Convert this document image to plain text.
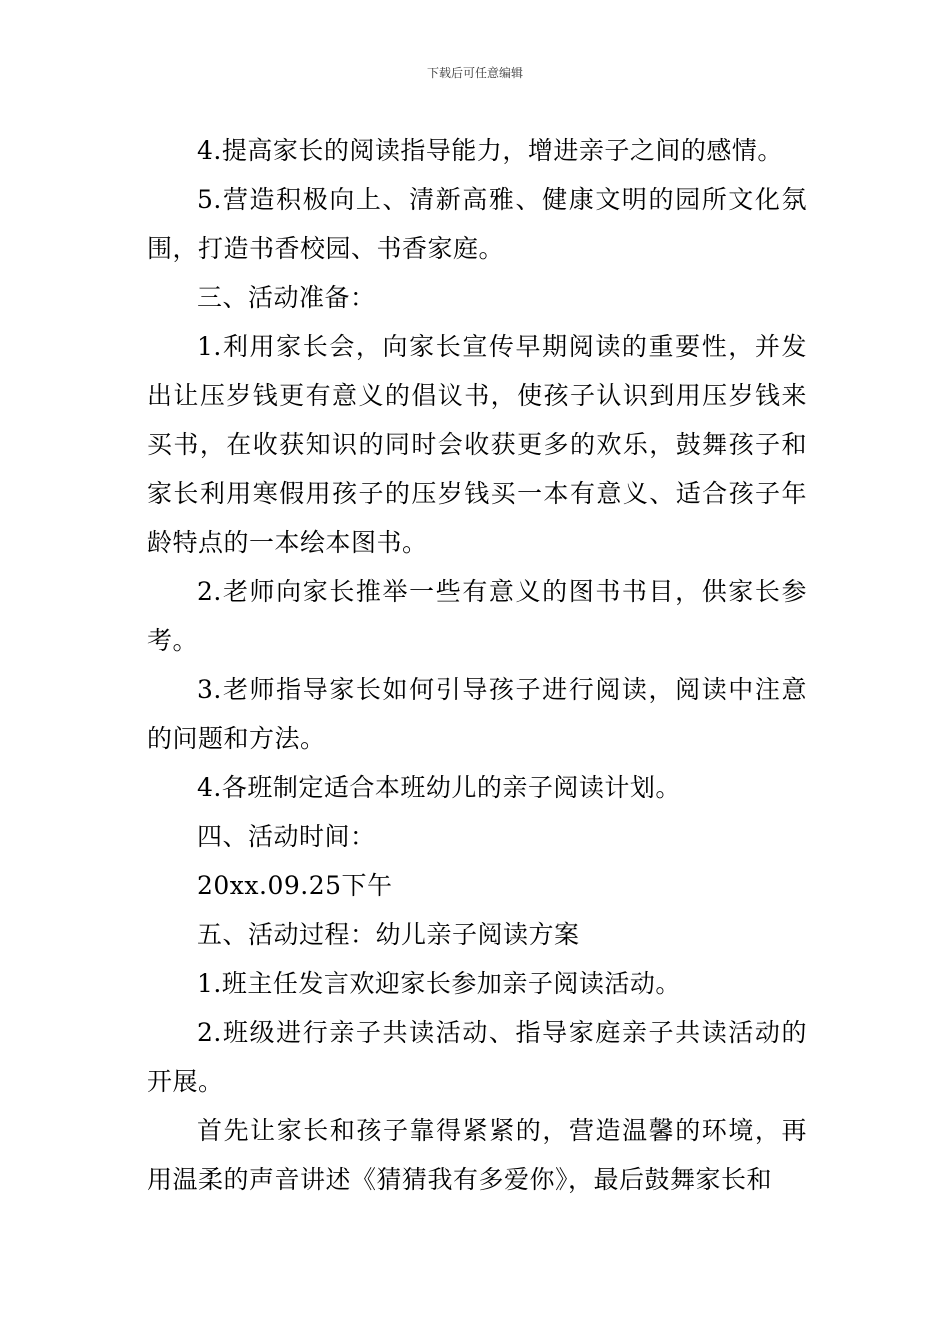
下载后可任意编辑

4.提高家长的阅读指导能力，增进亲子之间的感情。

5.营造积极向上、清新高雅、健康文明的园所文化氛围，打造书香校园、书香家庭。

三、活动准备：

1.利用家长会，向家长宣传早期阅读的重要性，并发出让压岁钱更有意义的倡议书，使孩子认识到用压岁钱来买书，在收获知识的同时会收获更多的欢乐，鼓舞孩子和家长利用寒假用孩子的压岁钱买一本有意义、适合孩子年龄特点的一本绘本图书。

2.老师向家长推举一些有意义的图书书目，供家长参考。

3.老师指导家长如何引导孩子进行阅读，阅读中注意的问题和方法。

4.各班制定适合本班幼儿的亲子阅读计划。

四、活动时间：

20xx.09.25下午

五、活动过程：幼儿亲子阅读方案

1.班主任发言欢迎家长参加亲子阅读活动。

2.班级进行亲子共读活动、指导家庭亲子共读活动的开展。

首先让家长和孩子靠得紧紧的，营造温馨的环境，再用温柔的声音讲述《猜猜我有多爱你》，最后鼓舞家长和
